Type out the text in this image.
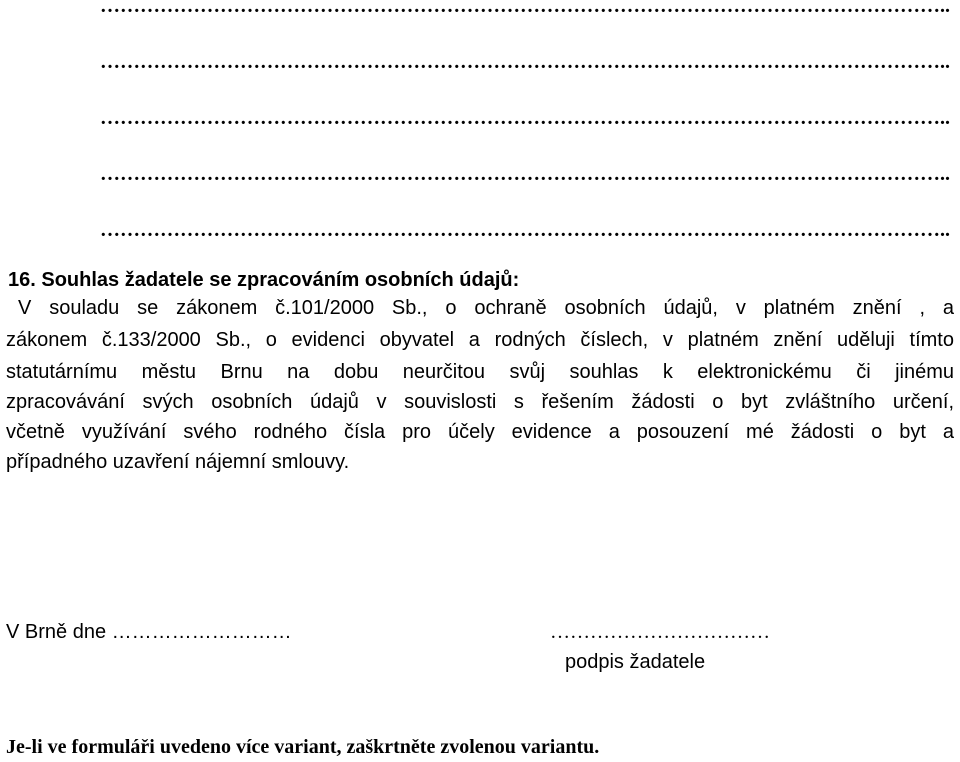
………………………………………………………………………………………………………………..
………………………………………………………………………………………………………………..
………………………………………………………………………………………………………………..
………………………………………………………………………………………………………………..
………………………………………………………………………………………………………………..
16. Souhlas žadatele se zpracováním osobních údajů:
V souladu se zákonem č.101/2000 Sb., o ochraně osobních údajů, v platném znění , a
zákonem č.133/2000 Sb., o evidenci obyvatel a rodných číslech, v platném znění uděluji tímto
statutárnímu městu Brnu na dobu neurčitou svůj souhlas k elektronickému či jinému
zpracovávání svých osobních údajů v souvislosti s řešením žádosti o byt zvláštního určení,
včetně využívání svého rodného čísla pro účely evidence a posouzení mé žádosti o byt a
případného uzavření nájemní smlouvy.
V Brně dne ………………………	……………………………
podpis žadatele
Je-li ve formuláři uvedeno více variant, zaškrtněte zvolenou variantu.
